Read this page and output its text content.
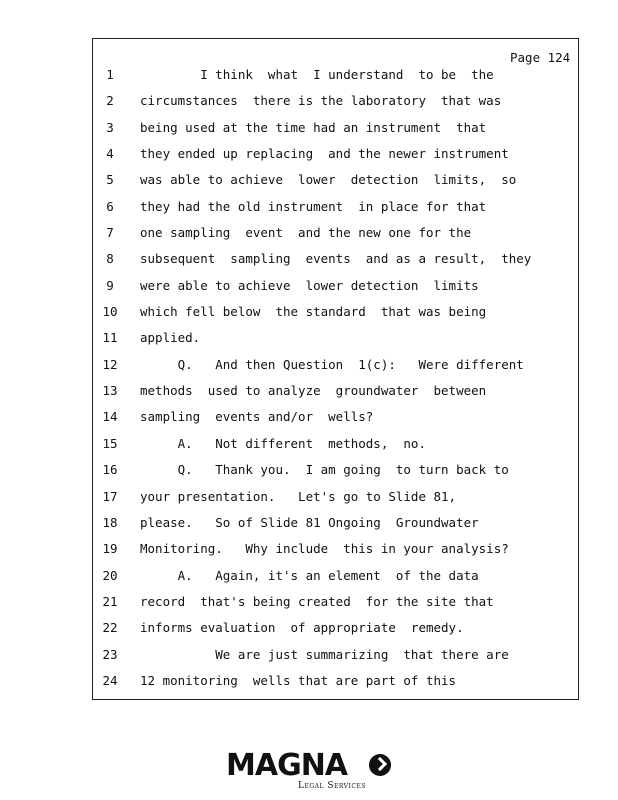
Page 124
1	I think  what  I understand  to be  the
2	circumstances  there is the laboratory  that was
3	being used at the time had an instrument  that
4	they ended up replacing  and the newer instrument
5	was able to achieve  lower  detection  limits,  so
6	they had the old instrument  in place for that
7	one sampling  event  and the new one for the
8	subsequent  sampling  events  and as a result,  they
9	were able to achieve  lower detection  limits
10 which fell below  the standard  that was being
11 applied.
12 Q.   And then Question  1(c):   Were different
13 methods  used to analyze  groundwater  between
14 sampling  events and/or  wells?
15 A.   Not different  methods,  no.
16 Q.   Thank you.  I am going  to turn back to
17 your presentation.   Let's go to Slide 81,
18 please.   So of Slide 81 Ongoing  Groundwater
19 Monitoring.   Why include  this in your analysis?
20 A.   Again, it's an element  of the data
21 record  that's being created  for the site that
22 informs evaluation  of appropriate  remedy.
23 We are just summarizing  that there are
24 12 monitoring  wells that are part of this
MAGNA
Legal Services
